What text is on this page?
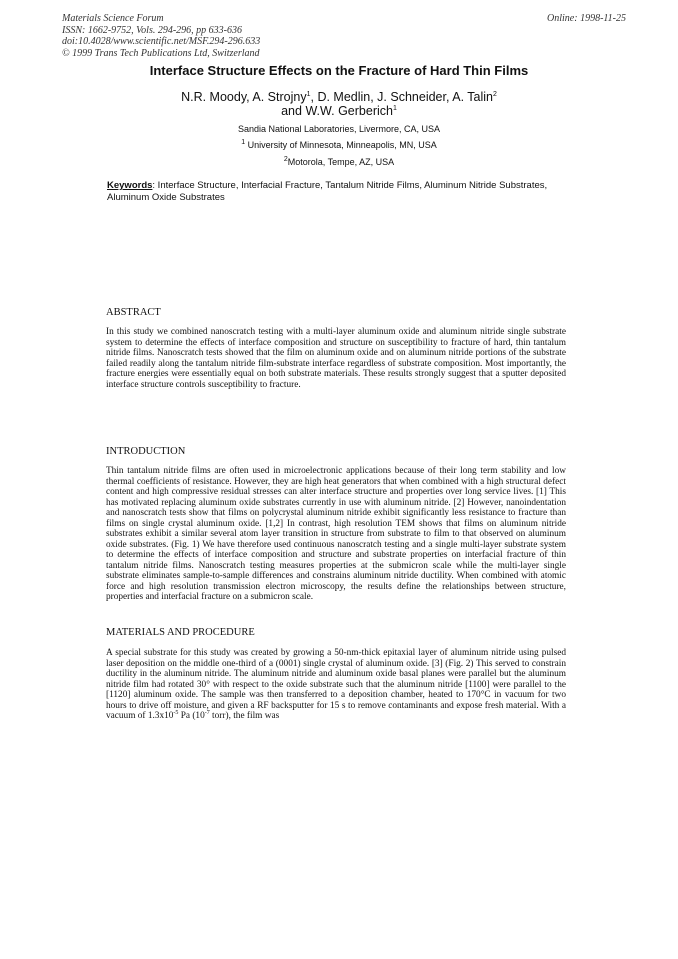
Materials Science Forum
ISSN: 1662-9752, Vols. 294-296, pp 633-636
doi:10.4028/www.scientific.net/MSF.294-296.633
© 1999 Trans Tech Publications Ltd, Switzerland
Online: 1998-11-25
Interface Structure Effects on the Fracture of Hard Thin Films
N.R. Moody, A. Strojny$^1$, D. Medlin, J. Schneider, A. Talin$^2$
and W.W. Gerberich$^1$
Sandia National Laboratories, Livermore, CA, USA
$^1$ University of Minnesota, Minneapolis, MN, USA
$^2$Motorola, Tempe, AZ, USA
Keywords: Interface Structure, Interfacial Fracture, Tantalum Nitride Films, Aluminum Nitride Substrates, Aluminum Oxide Substrates
ABSTRACT
In this study we combined nanoscratch testing with a multi-layer aluminum oxide and aluminum nitride single substrate system to determine the effects of interface composition and structure on susceptibility to fracture of hard, thin tantalum nitride films. Nanoscratch tests showed that the film on aluminum oxide and on aluminum nitride portions of the substrate failed readily along the tantalum nitride film-substrate interface regardless of substrate composition. Most importantly, the fracture energies were essentially equal on both substrate materials. These results strongly suggest that a sputter deposited interface structure controls susceptibility to fracture.
INTRODUCTION
Thin tantalum nitride films are often used in microelectronic applications because of their long term stability and low thermal coefficients of resistance. However, they are high heat generators that when combined with a high structural defect content and high compressive residual stresses can alter interface structure and properties over long service lives. [1] This has motivated replacing aluminum oxide substrates currently in use with aluminum nitride. [2] However, nanoindentation and nanoscratch tests show that films on polycrystal aluminum nitride exhibit significantly less resistance to fracture than films on single crystal aluminum oxide. [1,2] In contrast, high resolution TEM shows that films on aluminum nitride substrates exhibit a similar several atom layer transition in structure from substrate to film to that observed on aluminum oxide substrates. (Fig. 1) We have therefore used continuous nanoscratch testing and a single multi-layer substrate system to determine the effects of interface composition and structure and substrate properties on interfacial fracture of thin tantalum nitride films. Nanoscratch testing measures properties at the submicron scale while the multi-layer single substrate eliminates sample-to-sample differences and constrains aluminum nitride ductility. When combined with atomic force and high resolution transmission electron microscopy, the results define the relationships between structure, properties and interfacial fracture on a submicron scale.
MATERIALS AND PROCEDURE
A special substrate for this study was created by growing a 50-nm-thick epitaxial layer of aluminum nitride using pulsed laser deposition on the middle one-third of a (0001) single crystal of aluminum oxide. [3] (Fig. 2) This served to constrain ductility in the aluminum nitride. The aluminum nitride and aluminum oxide basal planes were parallel but the aluminum nitride film had rotated 30° with respect to the oxide substrate such that the aluminum nitride [1100] were parallel to the [1120] aluminum oxide. The sample was then transferred to a deposition chamber, heated to 170°C in vacuum for two hours to drive off moisture, and given a RF backsputter for 15 s to remove contaminants and expose fresh material. With a vacuum of $1.3x10^{-5}$ Pa ($10^{-7}$ torr), the film was
